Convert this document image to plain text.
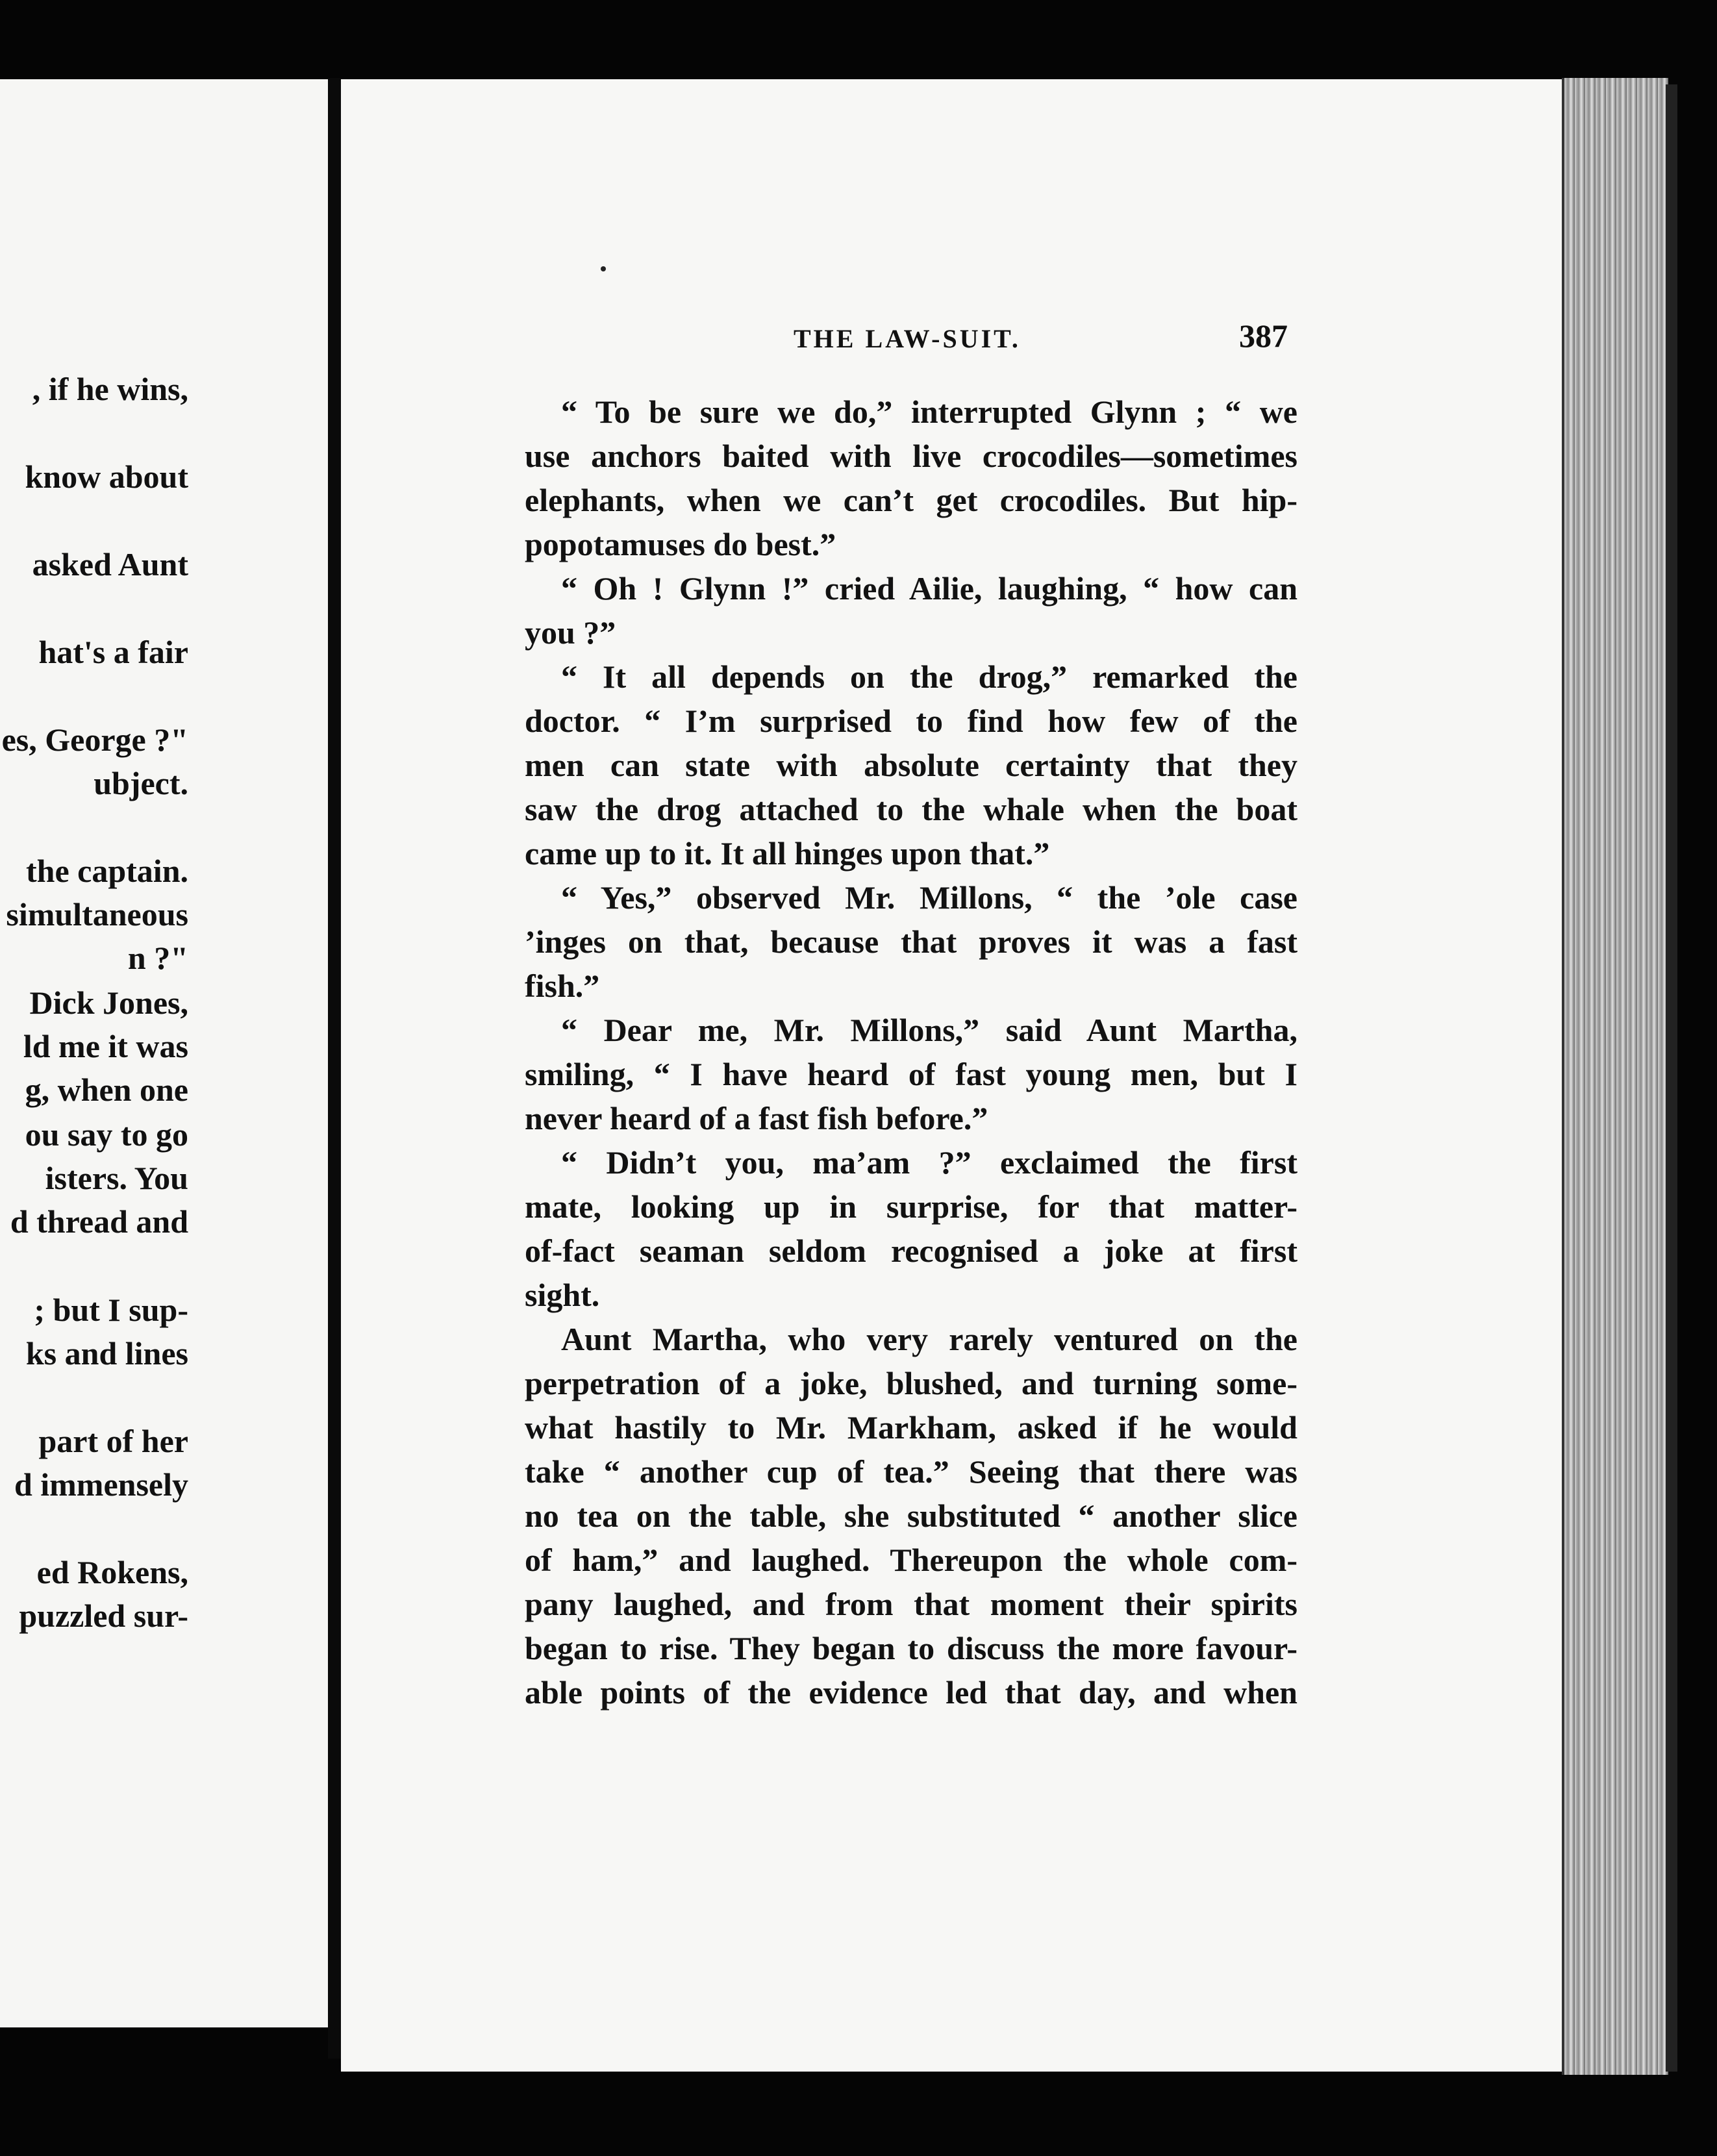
, if he wins,
know about
asked Aunt
hat's a fair
es, George ?"
ubject.
the captain.
simultaneous
n ?"
Dick Jones,
ld me it was
g, when one
ou say to go
isters. You
d thread and
; but I sup-
ks and lines
part of her
d immensely
ed Rokens,
puzzled sur-
THE LAW-SUIT.	387
“ To be sure we do,” interrupted Glynn ; “ we
use anchors baited with live crocodiles—sometimes
elephants, when we can’t get crocodiles. But hip-
popotamuses do best.”
“ Oh ! Glynn !” cried Ailie, laughing, “ how can
you ?”
“ It all depends on the drog,” remarked the
doctor. “ I’m surprised to find how few of the
men can state with absolute certainty that they
saw the drog attached to the whale when the boat
came up to it. It all hinges upon that.”
“ Yes,” observed Mr. Millons, “ the ’ole case
’inges on that, because that proves it was a fast
fish.”
“ Dear me, Mr. Millons,” said Aunt Martha,
smiling, “ I have heard of fast young men, but I
never heard of a fast fish before.”
“ Didn’t you, ma’am ?” exclaimed the first
mate, looking up in surprise, for that matter-
of-fact seaman seldom recognised a joke at first
sight.
Aunt Martha, who very rarely ventured on the
perpetration of a joke, blushed, and turning some-
what hastily to Mr. Markham, asked if he would
take “ another cup of tea.” Seeing that there was
no tea on the table, she substituted “ another slice
of ham,” and laughed. Thereupon the whole com-
pany laughed, and from that moment their spirits
began to rise. They began to discuss the more favour-
able points of the evidence led that day, and when
